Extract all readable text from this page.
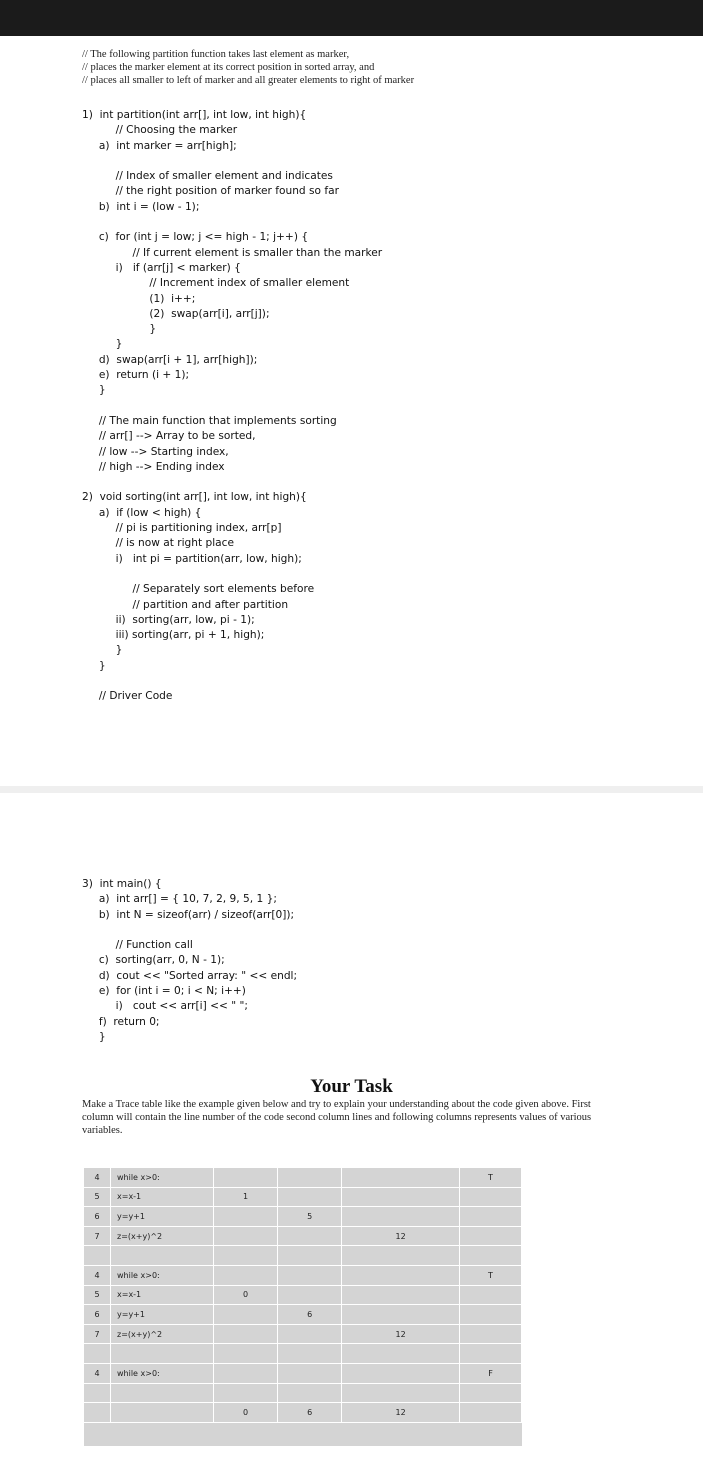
// The following partition function takes last element as marker,
// places the marker element at its correct position in sorted array, and
// places all smaller to left of marker and all greater elements to right of marker
1)  int partition(int arr[], int low, int high){
// Choosing the marker
a)  int marker = arr[high];

// Index of smaller element and indicates
// the right position of marker found so far
b)  int i = (low - 1);

c)  for (int j = low; j <= high - 1; j++) {
// If current element is smaller than the marker
i)   if (arr[j] < marker) {
// Increment index of smaller element
(1)  i++;
(2)  swap(arr[i], arr[j]);
}
}
d)  swap(arr[i + 1], arr[high]);
e)  return (i + 1);
}

// The main function that implements sorting
// arr[] --> Array to be sorted,
// low --> Starting index,
// high --> Ending index

2)  void sorting(int arr[], int low, int high){
a)  if (low < high) {
// pi is partitioning index, arr[p]
// is now at right place
i)   int pi = partition(arr, low, high);

// Separately sort elements before
// partition and after partition
ii)  sorting(arr, low, pi - 1);
iii) sorting(arr, pi + 1, high);
}
}

// Driver Code
3)  int main() {
a)  int arr[] = { 10, 7, 2, 9, 5, 1 };
b)  int N = sizeof(arr) / sizeof(arr[0]);

// Function call
c)  sorting(arr, 0, N - 1);
d)  cout << "Sorted array: " << endl;
e)  for (int i = 0; i < N; i++)
i)   cout << arr[i] << " ";
f)  return 0;
}
Your Task
Make a Trace table like the example given below and try to explain your understanding about the code given above. First column will contain the line number of the code second column lines and following columns represents values of various variables.
4	while x>0:				T
5	x=x-1	1			
6	y=y+1		5		
7	z=(x+y)^2			12	

4	while x>0:				T
5	x=x-1	0			
6	y=y+1		6		
7	z=(x+y)^2			12	

4	while x>0:				F

		0	6	12	
